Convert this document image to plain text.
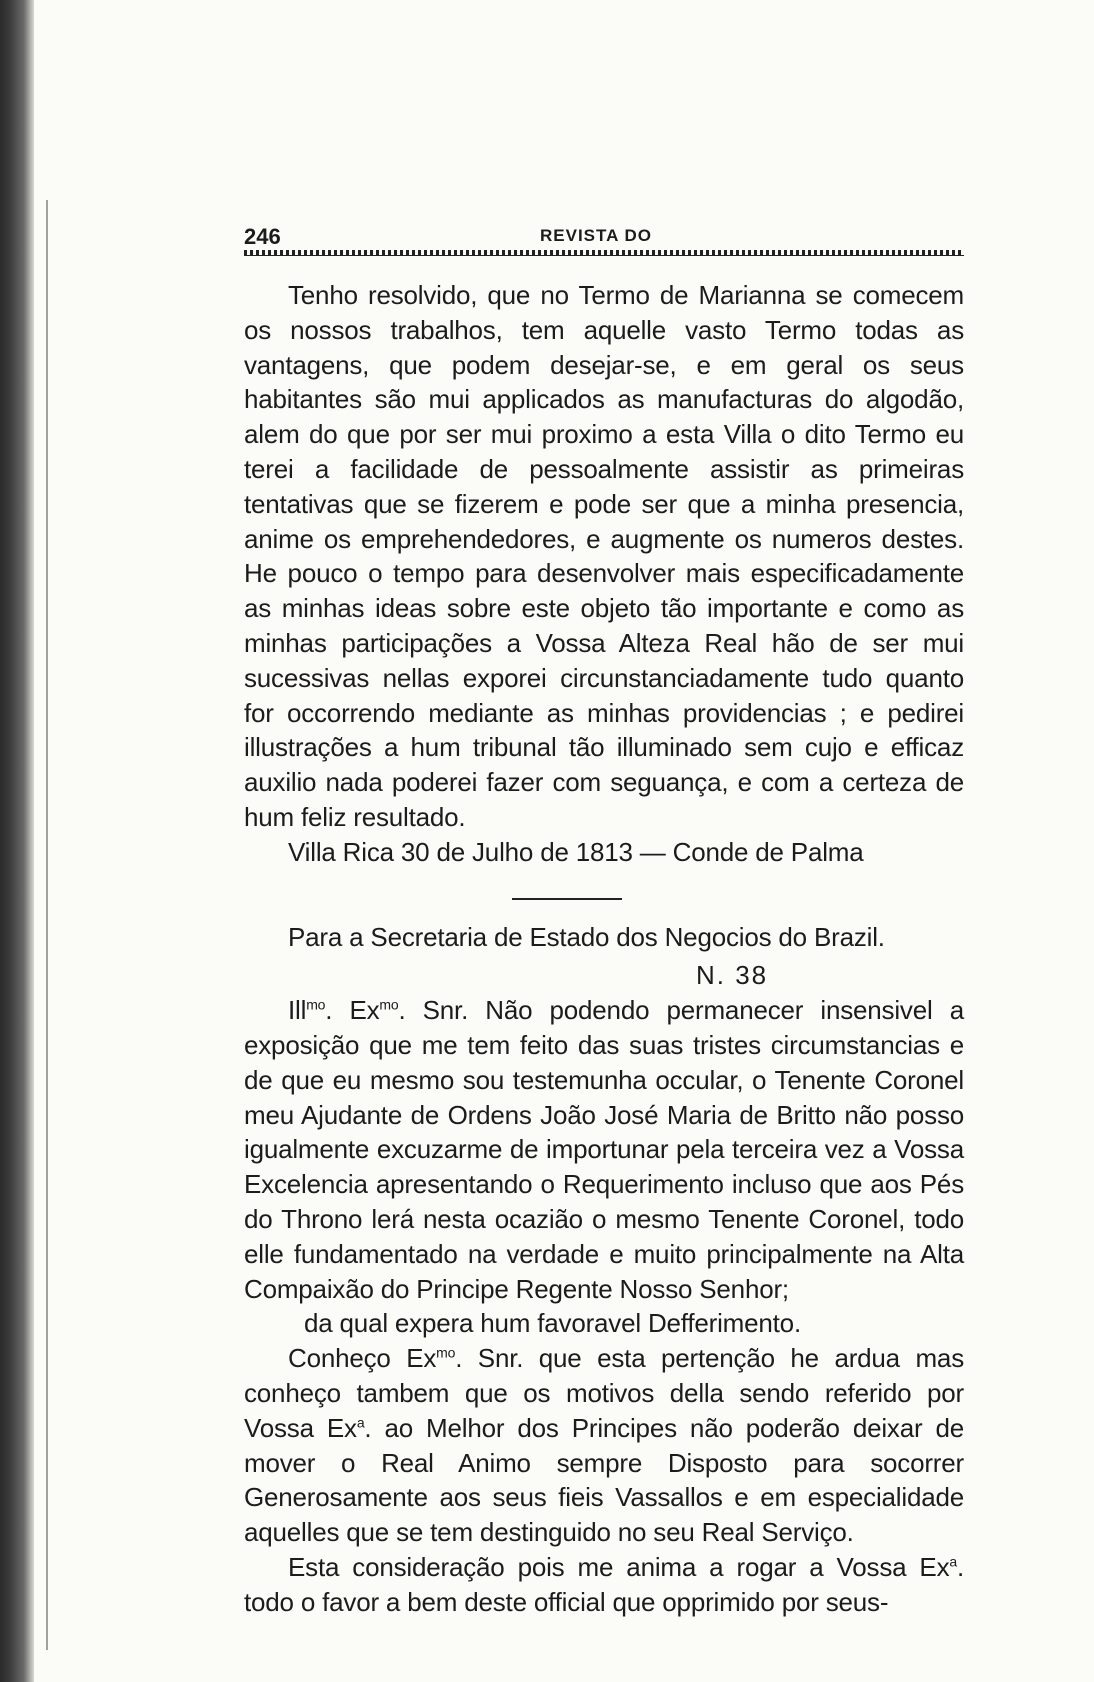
246	REVISTA DO

Tenho resolvido, que no Termo de Marianna se comecem os nossos trabalhos, tem aquelle vasto Termo todas as vantagens, que podem desejar-se, e em geral os seus habitantes são mui applicados as manufacturas do algodão, alem do que por ser mui proximo a esta Villa o dito Termo eu terei a facilidade de pessoalmente assistir as primeiras tentativas que se fizerem e pode ser que a minha presencia, anime os emprehendedores, e augmente os numeros destes. He pouco o tempo para desenvolver mais especificadamente as minhas ideas sobre este objeto tão importante e como as minhas participações a Vossa Alteza Real hão de ser mui sucessivas nellas exporei circunstanciadamente tudo quanto for occorrendo mediante as minhas providencias ; e pedirei illustrações a hum tribunal tão illuminado sem cujo e efficaz auxilio nada poderei fazer com seguança, e com a certeza de hum feliz resultado.

Villa Rica 30 de Julho de 1813 — Conde de Palma

Para a Secretaria de Estado dos Negocios do Brazil.

N. 38

Ill$^{mo}$. $Ex^{mo}$. Snr. Não podendo permanecer insensivel a exposição que me tem feito das suas tristes circumstancias e de que eu mesmo sou testemunha occular, o Tenente Coronel meu Ajudante de Ordens João José Maria de Britto não posso igualmente excuzarme de importunar pela terceira vez a Vossa Excelencia apresentando o Requerimento incluso que aos Pés do Throno lerá nesta ocazião o mesmo Tenente Coronel, todo elle fundamentado na verdade e muito principalmente na Alta Compaixão do Principe Regente Nosso Senhor;

da qual expera hum favoravel Defferimento.

Conheço $Ex^{mo}$. Snr. que esta pertenção he ardua mas conheço tambem que os motivos della sendo referido por Vossa Ex$^a$. ao Melhor dos Principes não poderão deixar de mover o Real Animo sempre Disposto para socorrer Generosamente aos seus fieis Vassallos e em especialidade aquelles que se tem destinguido no seu Real Serviço.

Esta consideração pois me anima a rogar a Vossa Ex$^a$. todo o favor a bem deste official que opprimido por seus-
